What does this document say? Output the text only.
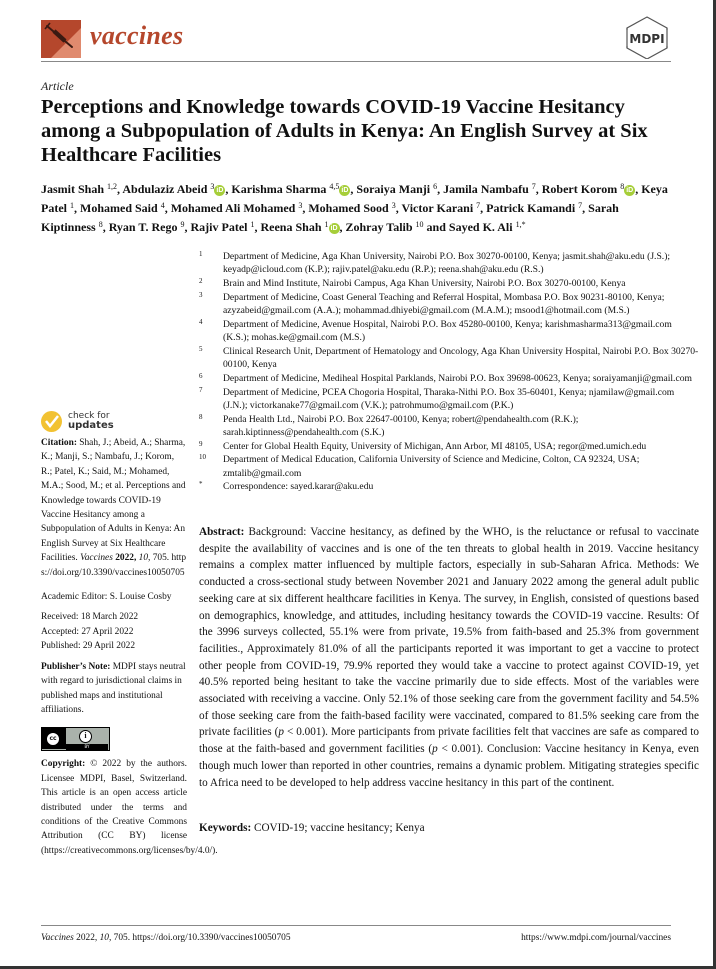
vaccines	MDPI
Article
Perceptions and Knowledge towards COVID-19 Vaccine Hesitancy among a Subpopulation of Adults in Kenya: An English Survey at Six Healthcare Facilities
Jasmit Shah $^{1,2}$, Abdulaziz Abeid $^3$ iD , Karishma Sharma $^{4,5}$ iD , Soraiya Manji $^6$, Jamila Nambafu $^7$, Robert Korom $^8$ iD , Keya Patel $^1$, Mohamed Said $^4$, Mohamed Ali Mohamed $^3$, Mohamed Sood $^3$, Victor Karani $^7$, Patrick Kamandi $^7$, Sarah Kiptinness $^8$, Ryan T. Rego $^9$, Rajiv Patel $^1$, Reena Shah $^1$ iD , Zohray Talib $^{10}$ and Sayed K. Ali $^{1,*}$
1 Department of Medicine, Aga Khan University, Nairobi P.O. Box 30270-00100, Kenya; jasmit.shah@aku.edu (J.S.); keyadp@icloud.com (K.P.); rajiv.patel@aku.edu (R.P.); reena.shah@aku.edu (R.S.)
2 Brain and Mind Institute, Nairobi Campus, Aga Khan University, Nairobi P.O. Box 30270-00100, Kenya
3 Department of Medicine, Coast General Teaching and Referral Hospital, Mombasa P.O. Box 90231-80100, Kenya; azyzabeid@gmail.com (A.A.); mohammad.dhiyebi@gmail.com (M.A.M.); msood1@hotmail.com (M.S.)
4 Department of Medicine, Avenue Hospital, Nairobi P.O. Box 45280-00100, Kenya; karishmasharma313@gmail.com (K.S.); mohas.ke@gmail.com (M.S.)
5 Clinical Research Unit, Department of Hematology and Oncology, Aga Khan University Hospital, Nairobi P.O. Box 30270-00100, Kenya
6 Department of Medicine, Mediheal Hospital Parklands, Nairobi P.O. Box 39698-00623, Kenya; soraiyamanji@gmail.com
7 Department of Medicine, PCEA Chogoria Hospital, Tharaka-Nithi P.O. Box 35-60401, Kenya; njamilaw@gmail.com (J.N.); victorkanake77@gmail.com (V.K.); patrohmumo@gmail.com (P.K.)
8 Penda Health Ltd., Nairobi P.O. Box 22647-00100, Kenya; robert@pendahealth.com (R.K.); sarah.kiptinness@pendahealth.com (S.K.)
9 Center for Global Health Equity, University of Michigan, Ann Arbor, MI 48105, USA; regor@med.umich.edu
10 Department of Medical Education, California University of Science and Medicine, Colton, CA 92324, USA; zmtalib@gmail.com
* Correspondence: sayed.karar@aku.edu
check for
updates

Citation: Shah, J.; Abeid, A.; Sharma, K.; Manji, S.; Nambafu, J.; Korom, R.; Patel, K.; Said, M.; Mohamed, M.A.; Sood, M.; et al. Perceptions and Knowledge towards COVID-19 Vaccine Hesitancy among a Subpopulation of Adults in Kenya: An English Survey at Six Healthcare Facilities. Vaccines 2022, 10, 705. https://doi.org/10.3390/vaccines10050705

Academic Editor: S. Louise Cosby

Received: 18 March 2022

Accepted: 27 April 2022

Published: 29 April 2022

Publisher’s Note: MDPI stays neutral with regard to jurisdictional claims in published maps and institutional affiliations.

cc	i
BY

Copyright: © 2022 by the authors. Licensee MDPI, Basel, Switzerland. This article is an open access article distributed under the terms and conditions of the Creative Commons Attribution (CC BY) license (https://creativecommons.org/licenses/by/4.0/).

Abstract: Background: Vaccine hesitancy, as defined by the WHO, is the reluctance or refusal to vaccinate despite the availability of vaccines and is one of the ten threats to global health in 2019. Vaccine hesitancy remains a complex matter influenced by multiple factors, especially in sub-Saharan Africa. Methods: We conducted a cross-sectional study between November 2021 and January 2022 among the general adult public seeking care at six different healthcare facilities in Kenya. The survey, in English, consisted of questions based on demographics, knowledge, and attitudes, including hesitancy towards the COVID-19 vaccine. Results: Of the 3996 surveys collected, 55.1% were from private, 19.5% from faith-based and 25.3% from government facilities., Approximately 81.0% of all the participants reported it was important to get a vaccine to protect other people from COVID-19, 79.9% reported they would take a vaccine to protect against COVID-19, yet 40.5% reported being hesitant to take the vaccine primarily due to side effects. Most of the variables were associated with receiving a vaccine. Only 52.1% of those seeking care from the government facility and 54.5% of those seeking care from the faith-based facility were vaccinated, compared to 81.5% seeking care from the private facilities (p < 0.001). More participants from private facilities felt that vaccines are safe as compared to those at the faith-based and government facilities (p < 0.001). Conclusion: Vaccine hesitancy in Kenya, even though much lower than reported in other countries, remains a dynamic problem. Mitigating strategies specific to Africa need to be developed to help address vaccine hesitancy in this part of the continent.
Keywords: COVID-19; vaccine hesitancy; Kenya
Vaccines 2022, 10, 705. https://doi.org/10.3390/vaccines10050705	https://www.mdpi.com/journal/vaccines
